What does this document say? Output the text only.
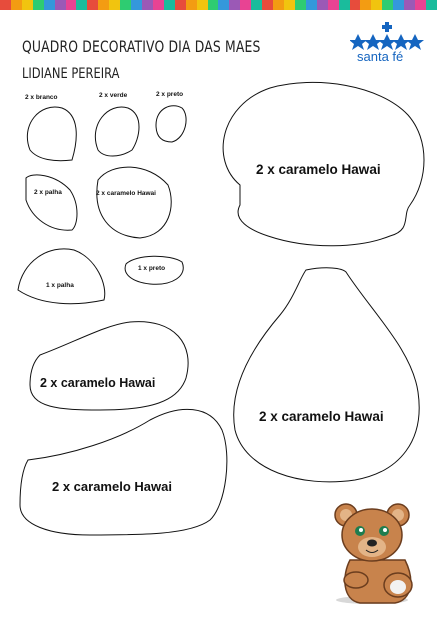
QUADRO DECORATIVO DIA DAS MAES
LIDIANE PEREIRA
santa fé
2 x branco	2 x verde	2 x preto
2 x palha	2 x caramelo Hawai
1 x palha
1 x preto
2 x caramelo Hawai
2 x caramelo Hawai
2 x caramelo Hawai
2 x caramelo Hawai
